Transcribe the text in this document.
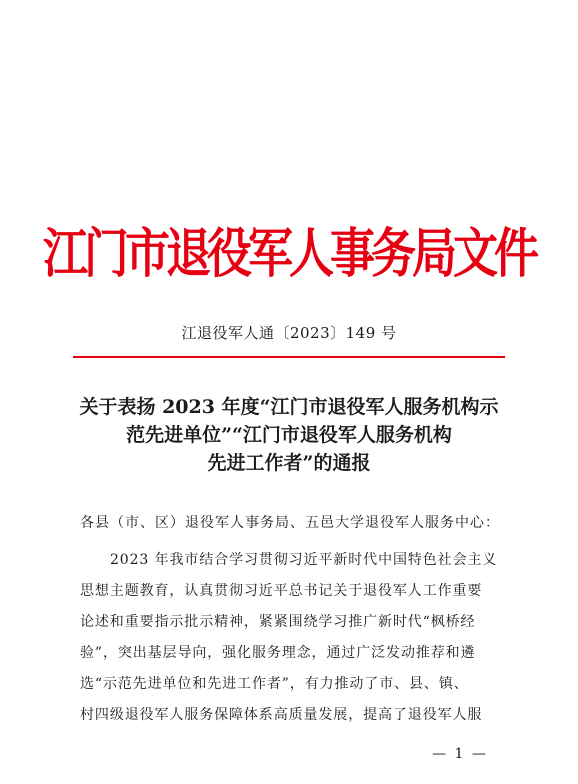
江门市退役军人事务局文件
江退役军人通〔2023〕149 号
关于表扬 2023 年度“江门市退役军人服务机构示
范先进单位”“江门市退役军人服务机构
先进工作者”的通报
各县（市、区）退役军人事务局、五邑大学退役军人服务中心：
2023 年我市结合学习贯彻习近平新时代中国特色社会主义
思想主题教育，认真贯彻习近平总书记关于退役军人工作重要
论述和重要指示批示精神，紧紧围绕学习推广新时代“枫桥经
验”，突出基层导向，强化服务理念，通过广泛发动推荐和遴
选“示范先进单位和先进工作者”，有力推动了市、县、镇、
村四级退役军人服务保障体系高质量发展，提高了退役军人服
— 1 —
